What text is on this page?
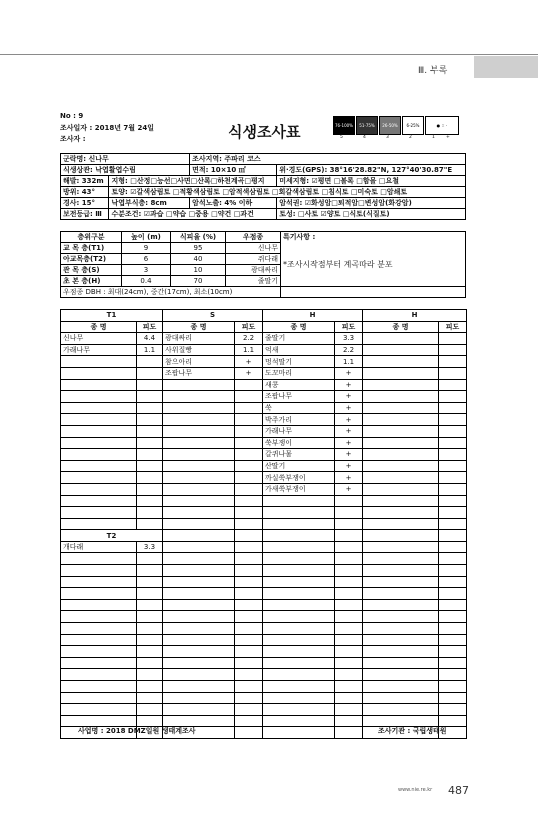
Ⅲ. 부록
No : 9
조사일자 : 2018년 7월 24일
조사자 :	식생조사표	76-100%	51-75%	26-50%	6-25%	● ⁙ ·
5	4	3	2	1 +
군락명: 신나무		조사지역: 주파리 코스	
식생상관: 낙엽활엽수림		면적: 10×10 ㎡	위·경도(GPS): 38°16'28.82"N, 127°40'30.87"E
해발: 332m	지형: □산정□능선□사면□산록□하천계곡□평지		미세지형: ☑평면 □볼록 □함몰 □요철
방위: 43°	토양: ☑갈색삼림토 □적황색삼림토 □암적색삼림토 □회갈색삼림토 □침식토 □미숙토 □암쇄토		
경사: 15°	낙엽부식층: 8cm	암석노출: 4% 이하	암석권: ☑화성암□퇴적암□변성암(화강암)
보전등급: Ⅲ	수분조건: ☑과습 □약습 □중용 □약건 □과건		토성: □사토 ☑양토 □식토(식질토)
층위구분	높이 (m)	식피율 (%)	우점종	특기사항 :
교 목 층(T1)	9	95	신나무	*조사시작점부터 계곡따라 분포
아교목층(T2)	6	40	쥐다래	
관 목 층(S)	3	10	광대싸리	
초 본 층(H)	0.4	70	줄딸기	
우점종 DBH : 최대(24cm), 중간(17cm), 최소(10cm)				
T1		S		H		H	
종 명	피도	종 명	피도	종 명	피도	종 명	피도
신나무	4.4	광대싸리	2.2	줄딸기	3.3		
가래나무	1.1	사위질빵	1.1	억새	2.2		
		참으아리	+	멍석딸기	1.1		
		조팝나무	+	도꼬마리	+		
				새콩	+		
				조팝나무	+		
				쑥	+		
				박주가리	+		
				가래나무	+		
				쑥부쟁이	+		
				갈퀴나물	+		
				산딸기	+		
				까실쑥부쟁이	+		
				가새쑥부쟁이	+		

T2							
개다래	3.3						

사업명 : 2018 DMZ일원 생태계조사	조사기관 : 국립생태원
www.nie.re.kr 487
